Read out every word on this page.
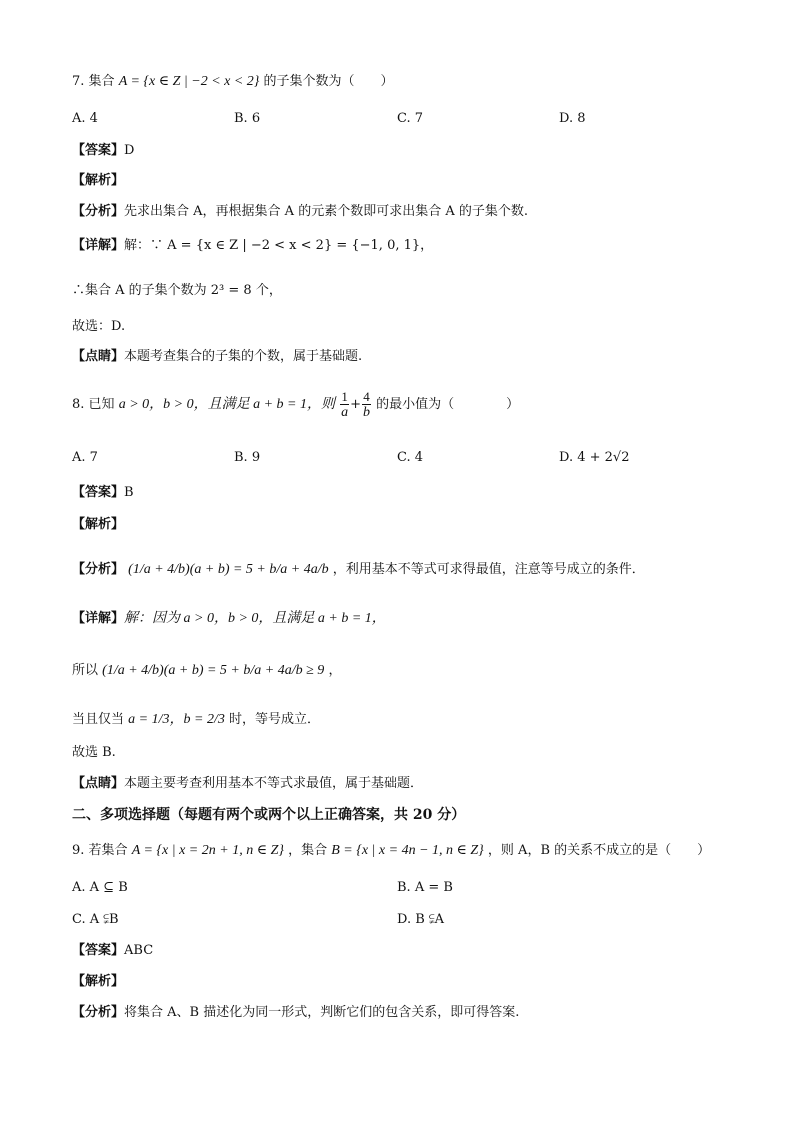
7. 集合 A = {x ∈ Z | −2 < x < 2} 的子集个数为（　　）
A. 4	B. 6	C. 7	D. 8
【答案】D
【解析】
【分析】先求出集合 A，再根据集合 A 的元素个数即可求出集合 A 的子集个数.
【详解】解：∵ A = {x ∈ Z | −2 < x < 2} = {−1, 0, 1}，
∴集合 A 的子集个数为 2³ = 8 个，
故选：D.
【点睛】本题考查集合的子集的个数，属于基础题.
8. 已知 a > 0，b > 0，且满足 a + b = 1，则 $\frac{1}{a} + \frac{4}{b}$ 的最小值为（　　　　）
A. 7	B. 9	C. 4	D. 4 + 2√2
【答案】B
【解析】
【分析】 (1/a + 4/b)(a + b) = 5 + b/a + 4a/b ，利用基本不等式可求得最值，注意等号成立的条件．
【详解】解：因为 a > 0，b > 0，且满足 a + b = 1，
所以 (1/a + 4/b)(a + b) = 5 + b/a + 4a/b ≥ 9 ，
当且仅当 a = 1/3，b = 2/3 时，等号成立．
故选 B.
【点睛】本题主要考查利用基本不等式求最值，属于基础题．
二、多项选择题（每题有两个或两个以上正确答案，共 20 分）
9. 若集合 A = {x | x = 2n + 1, n ∈ Z} ，集合 B = {x | x = 4n − 1, n ∈ Z} ，则 A，B 的关系不成立的是（　　）
A. A ⊆ B	B. A = B
C. A ⫋B	D. B ⫋A
【答案】ABC
【解析】
【分析】将集合 A、B 描述化为同一形式，判断它们的包含关系，即可得答案.
